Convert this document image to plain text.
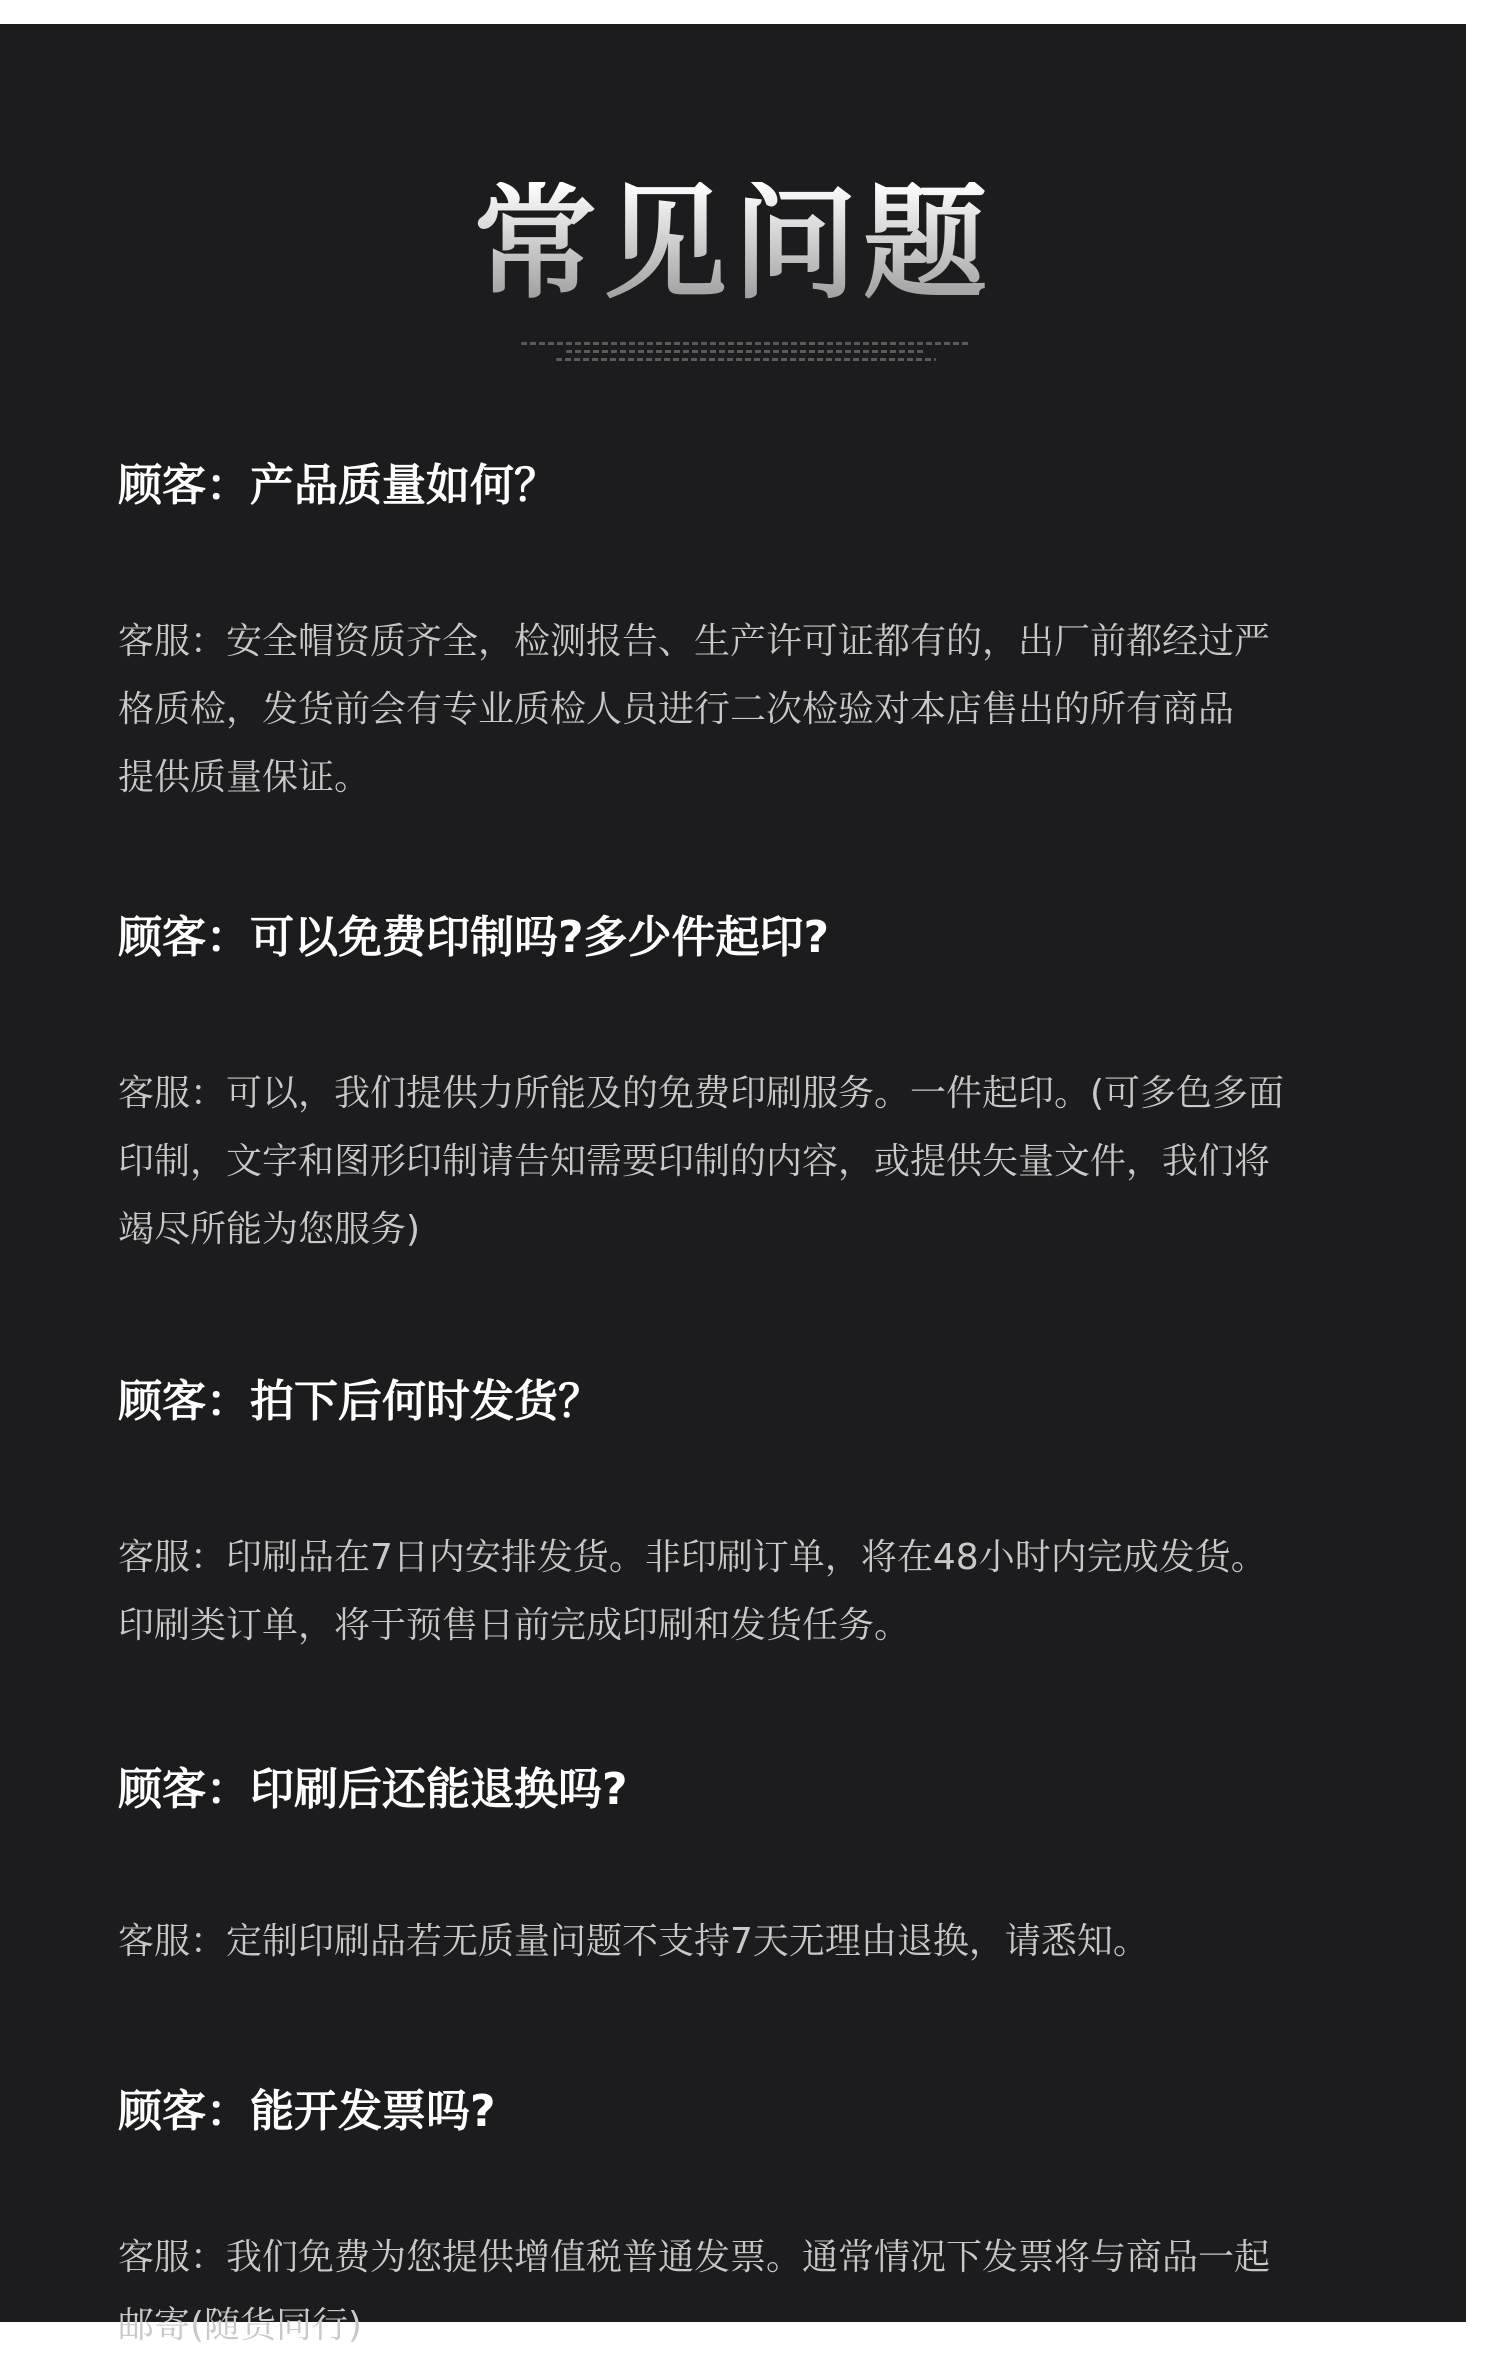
常见问题
顾客：产品质量如何？
客服：安全帽资质齐全，检测报告、生产许可证都有的，出厂前都经过严
格质检，发货前会有专业质检人员进行二次检验对本店售出的所有商品
提供质量保证。
顾客：可以免费印制吗?多少件起印?
客服：可以，我们提供力所能及的免费印刷服务。一件起印。(可多色多面
印制，文字和图形印制请告知需要印制的内容，或提供矢量文件，我们将
竭尽所能为您服务)
顾客：拍下后何时发货？
客服：印刷品在7日内安排发货。非印刷订单，将在48小时内完成发货。
印刷类订单，将于预售日前完成印刷和发货任务。
顾客：印刷后还能退换吗?
客服：定制印刷品若无质量问题不支持7天无理由退换，请悉知。
顾客：能开发票吗?
客服：我们免费为您提供增值税普通发票。通常情况下发票将与商品一起
邮寄(随货同行)
